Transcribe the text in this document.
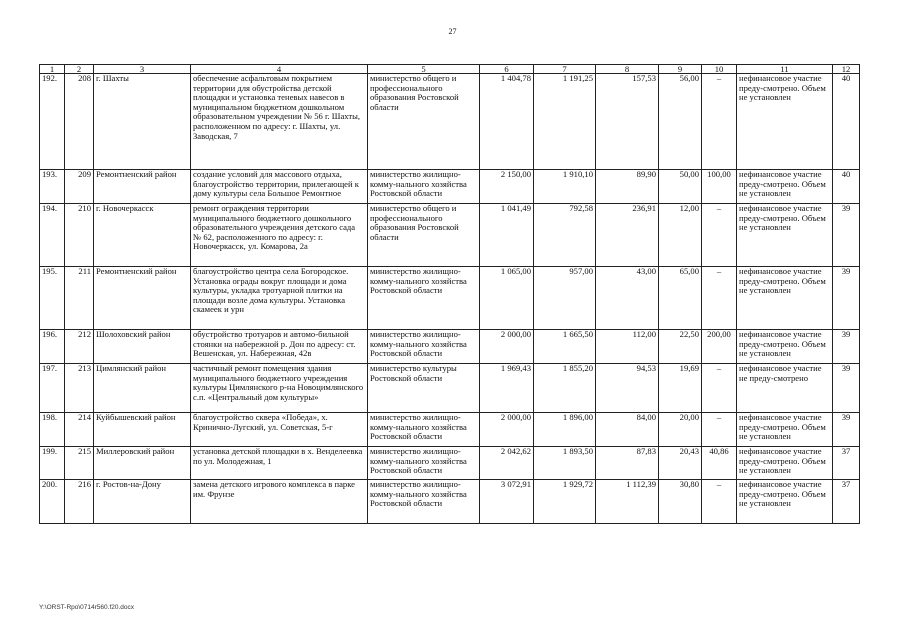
27
1	2	3	4	5	6	7	8	9	10	11	12
192.	208	г. Шахты	обеспечение асфальтовым покрытием территории для обустройства детской площадки и установка теневых навесов в муниципальном бюджетном дошкольном образовательном учреждении № 56 г. Шахты, расположенном по адресу: г. Шахты, ул. Заводская, 7	министерство общего и профессионального образования Ростовской области	1 404,78	1 191,25	157,53	56,00	–	нефинансовое участие преду-смотрено. Объем не установлен	40
193.	209	Ремонтненский район	создание условий для массового отдыха, благоустройство территории, прилегающей к дому культуры села Большое Ремонтное	министерство жилищно-комму-нального хозяйства Ростовской области	2 150,00	1 910,10	89,90	50,00	100,00	нефинансовое участие преду-смотрено. Объем не установлен	40
194.	210	г. Новочеркасск	ремонт ограждения территории муниципального бюджетного дошкольного образовательного учреждения детского сада № 62, расположенного по адресу: г. Новочеркасск, ул. Комарова, 2а	министерство общего и профессионального образования Ростовской области	1 041,49	792,58	236,91	12,00	–	нефинансовое участие преду-смотрено. Объем не установлен	39
195.	211	Ремонтненский район	благоустройство центра села Богородское. Установка ограды вокруг площади и дома культуры, укладка тротуарной плитки на площади возле дома культуры. Установка скамеек и урн	министерство жилищно-комму-нального хозяйства Ростовской области	1 065,00	957,00	43,00	65,00	–	нефинансовое участие преду-смотрено. Объем не установлен	39
196.	212	Шолоховский район	обустройство тротуаров и автомо-бильной стоянки на набережной р. Дон по адресу: ст. Вешенская, ул. Набережная, 42в	министерство жилищно-комму-нального хозяйства Ростовской области	2 000,00	1 665,50	112,00	22,50	200,00	нефинансовое участие преду-смотрено. Объем не установлен	39
197.	213	Цимлянский район	частичный ремонт помещения здания муниципального бюджетного учреждения культуры Цимлянского р-на Новоцимлянского с.п. «Центральный дом культуры»	министерство культуры Ростовской области	1 969,43	1 855,20	94,53	19,69	–	нефинансовое участие не преду-смотрено	39
198.	214	Куйбышевский район	благоустройство сквера «Победа», х. Кринично-Лугский, ул. Советская, 5-г	министерство жилищно-комму-нального хозяйства Ростовской области	2 000,00	1 896,00	84,00	20,00	–	нефинансовое участие преду-смотрено. Объем не установлен	39
199.	215	Миллеровский район	установка детской площадки в х. Венделеевка по ул. Молодежная, 1	министерство жилищно-комму-нального хозяйства Ростовской области	2 042,62	1 893,50	87,83	20,43	40,86	нефинансовое участие преду-смотрено. Объем не установлен	37
200.	216	г. Ростов-на-Дону	замена детского игрового комплекса в парке им. Фрунзе	министерство жилищно-комму-нального хозяйства Ростовской области	3 072,91	1 929,72	1 112,39	30,80	–	нефинансовое участие преду-смотрено. Объем не установлен	37
Y:\ORST-Rpo\0714r560.f20.docx
